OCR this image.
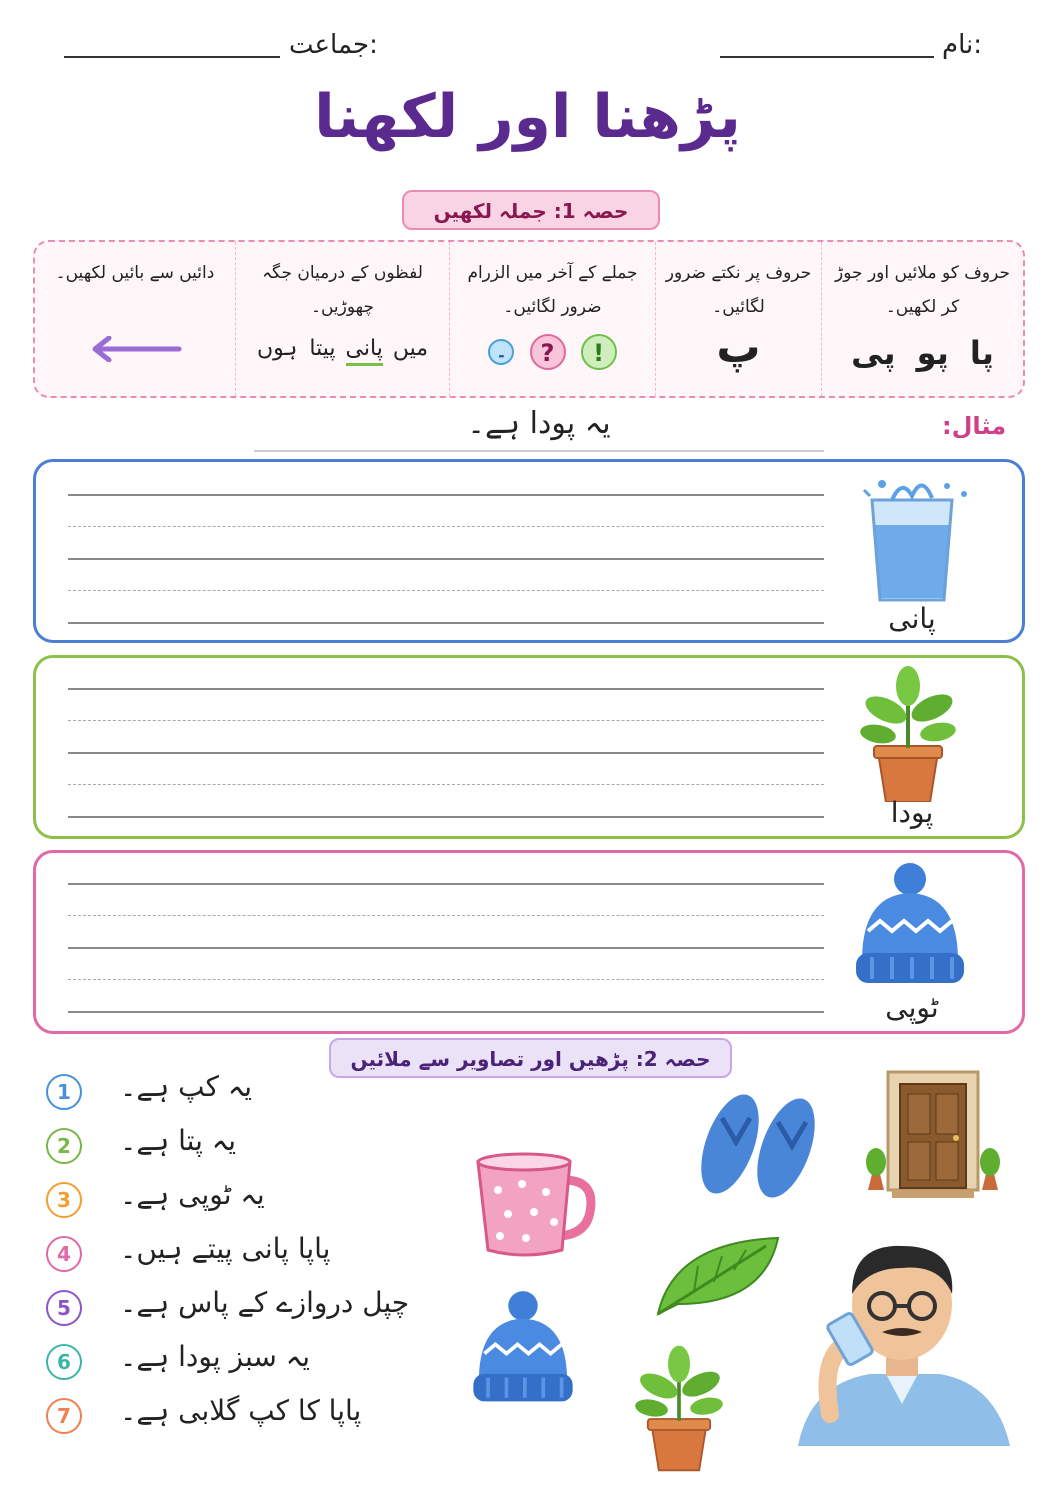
نام:
جماعت:
پڑھنا اور لکھنا
حصہ 1: جملہ لکھیں
حروف کو ملائیں اور جوڑ کر لکھیں۔
پا پو پی
حروف پر نکتے ضرور لگائیں۔
پ
جملے کے آخر میں الزرام ضرور لگائیں۔
! ? ۔
لفظوں کے درمیان جگہ چھوڑیں۔
میںپانیپیتاہوں
دائیں سے بائیں لکھیں۔
مثال:
یہ پودا ہے۔
پانی
پودا
ٹوپی
حصہ 2: پڑھیں اور تصاویر سے ملائیں
1	یہ کپ ہے۔
2	یہ پتا ہے۔
3	یہ ٹوپی ہے۔
4	پاپا پانی پیتے ہیں۔
5	چپل دروازے کے پاس ہے۔
6	یہ سبز پودا ہے۔
7	پاپا کا کپ گلابی ہے۔
